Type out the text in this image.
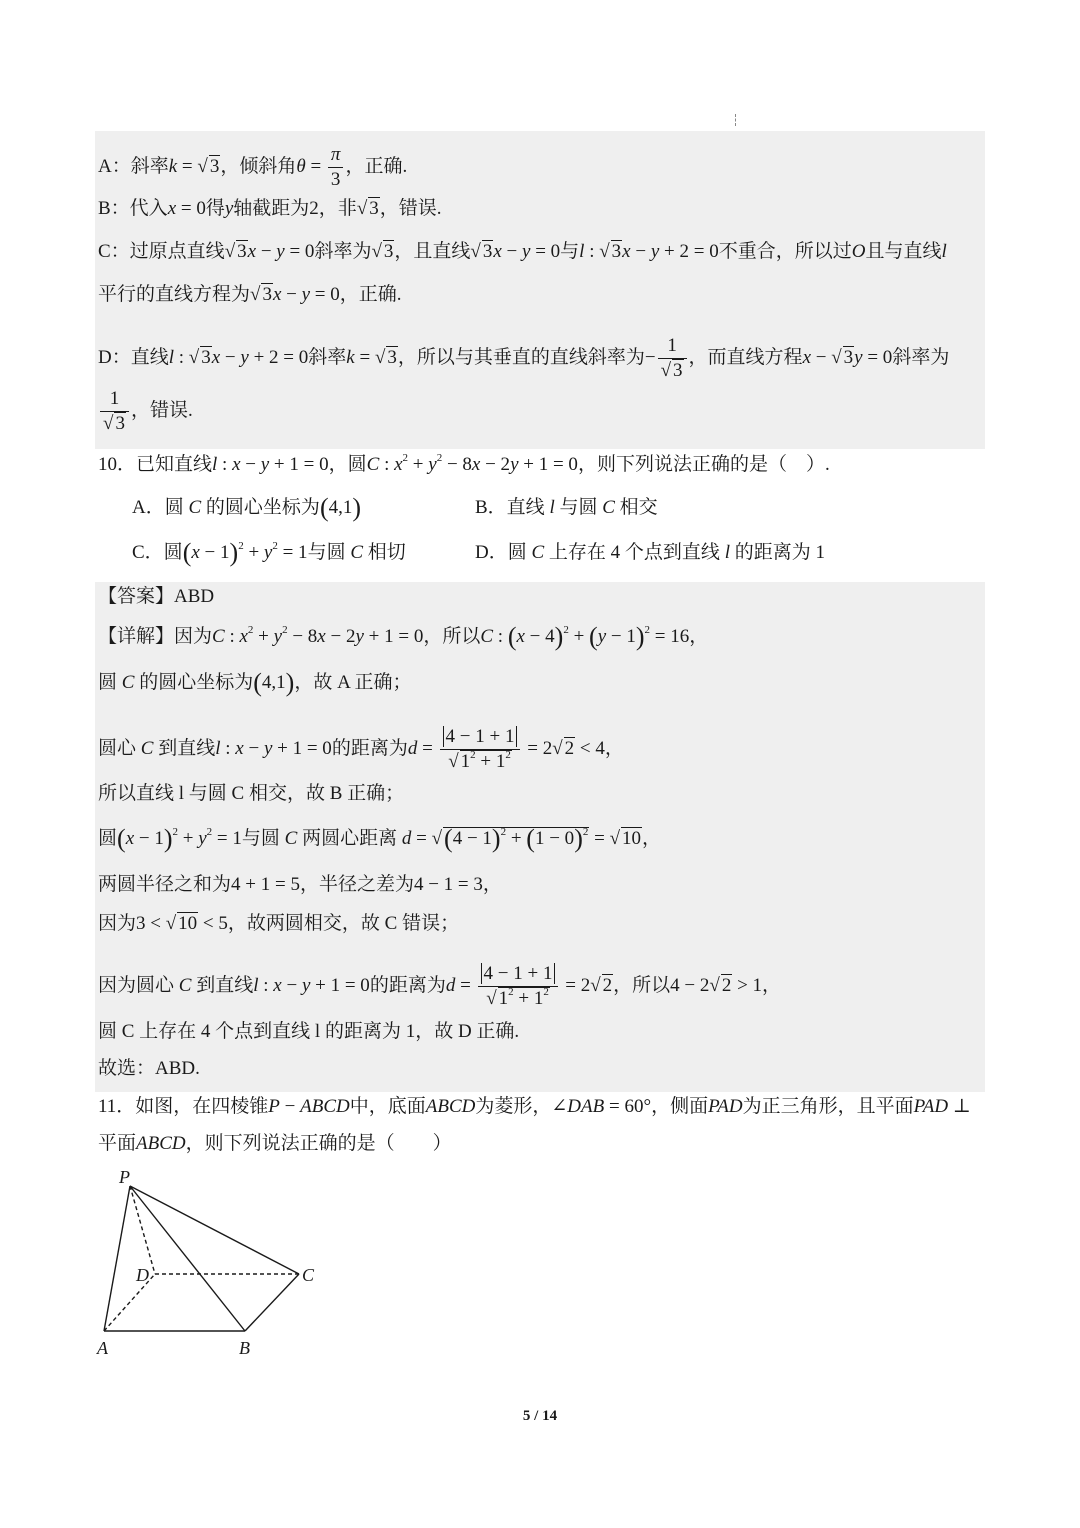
A：斜率k = √ 3，倾斜角$\theta = \frac{\pi}{3}$ ，正确.
B：代入x = 0得y轴截距为2，非√ 3，错误.
C：过原点直线√ 3x − y = 0斜率为√ 3，且直线√ 3x − y = 0与l : √ 3x − y + 2 = 0不重合，所以过O且与直线l
平行的直线方程为√ 3x − y = 0，正确.
D：直线l : √ 3x − y + 2 = 0斜率k = √ 3，所以与其垂直的直线斜率为− $\frac{1}{√ 3}$ ，而直线方程x − √ 3y = 0斜率为
$\frac{1}{√ 3}$ ，错误.
10．已知直线l : x − y + 1 = 0，圆C : $x^2 + y^2 - 8x - 2y + 1 = 0$，则下列说法正确的是（　）.
A．圆 C 的圆心坐标为(4,1)	B．直线 l 与圆 C 相交
C．圆$(x - 1)^2 + y^2 = 1$与圆 C 相切	D．圆 C 上存在 4 个点到直线 l 的距离为 1
【答案】ABD
【详解】因为C : $x^2 + y^2 - 8x - 2y + 1 = 0$，所以C : $(x - 4)^2 + (y - 1)^2 = 16$，
圆 C 的圆心坐标为(4,1)，故 A 正确；
圆心 C 到直线l : x − y + 1 = 0的距离为$d = \frac{4 - 1 + 1}{√ 1^2 + 1^2} = 2√$ 2 < 4，
所以直线 l 与圆 C 相交，故 B 正确；
圆$(x - 1)^2 + y^2 = 1$与圆 C 两圆心距离 $d = √(4 - 1)^2 + (1 - 0)^2$ = √ 10，
两圆半径之和为4 + 1 = 5，半径之差为4 − 1 = 3，
因为3 < √ 10 < 5，故两圆相交，故 C 错误；
因为圆心 C 到直线l : x − y + 1 = 0的距离为$d = \frac{4 - 1 + 1}{√ 1^2 + 1^2} = 2√$ 2，所以4 − 2√ 2 > 1，
圆 C 上存在 4 个点到直线 l 的距离为 1，故 D 正确.
故选：ABD.
11．如图，在四棱锥P − ABCD中，底面ABCD为菱形，∠DAB = 60°，侧面PAD为正三角形，且平面PAD ⊥
平面ABCD，则下列说法正确的是（　　）
P
D	C
A	B
5 / 14
